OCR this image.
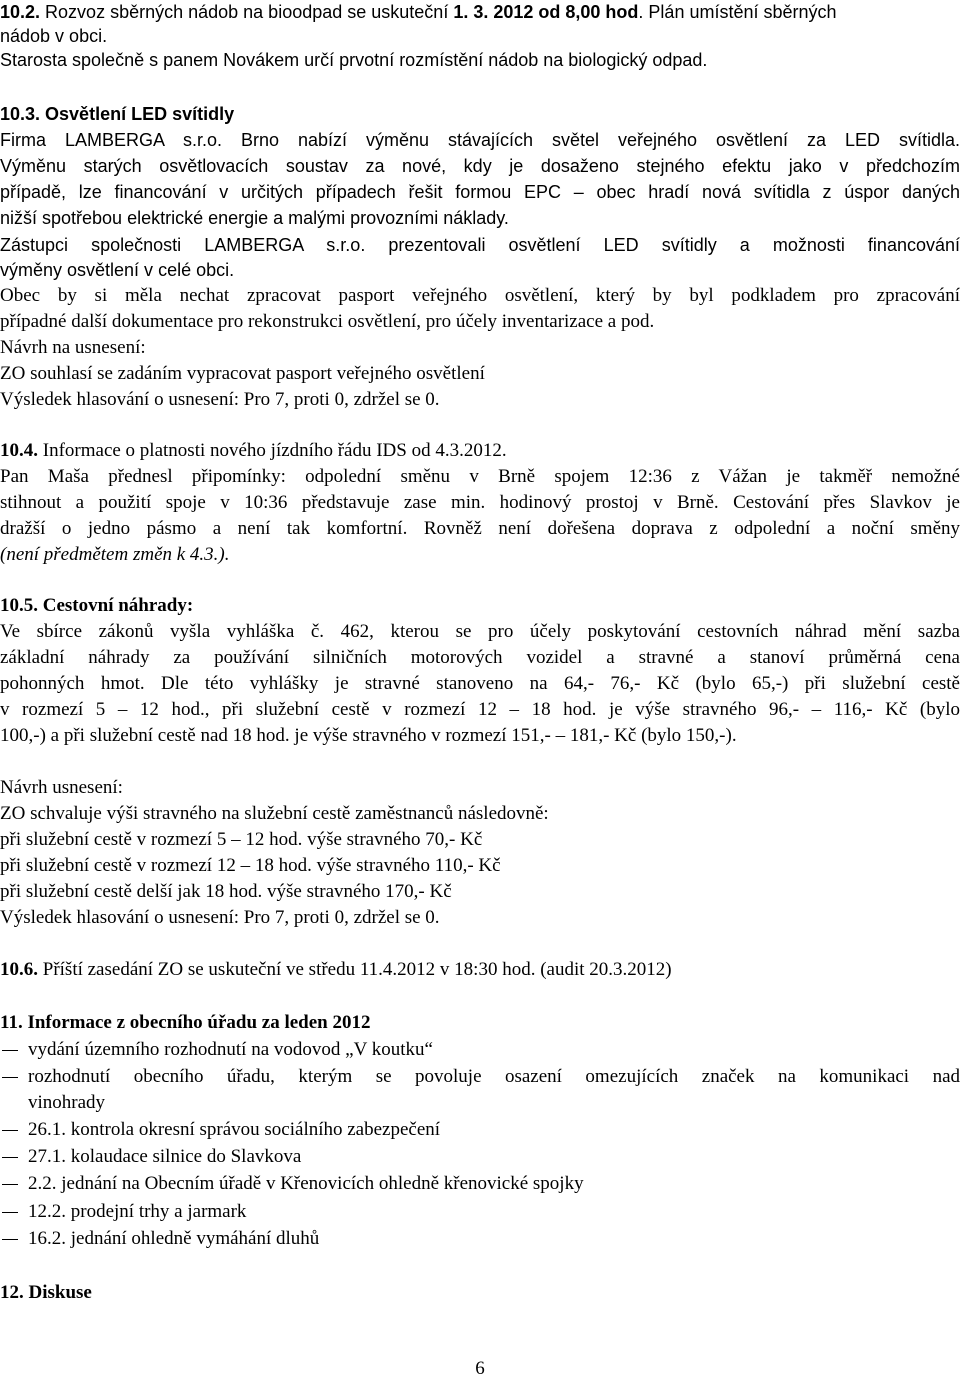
10.2. Rozvoz sběrných nádob na bioodpad se uskuteční 1. 3. 2012 od 8,00 hod. Plán umístění sběrných

nádob v obci.

Starosta společně s panem Novákem určí prvotní rozmístění nádob na biologický odpad.

10.3. Osvětlení LED svítidly

Firma LAMBERGA s.r.o. Brno nabízí výměnu stávajících světel veřejného osvětlení za LED svítidla.

Výměnu starých osvětlovacích soustav za nové, kdy je dosaženo stejného efektu jako v předchozím

případě, lze financování v určitých případech řešit formou EPC – obec hradí nová svítidla z úspor daných

nižší spotřebou elektrické energie a malými provozními náklady.

Zástupci společnosti LAMBERGA s.r.o. prezentovali osvětlení LED svítidly a možnosti financování

výměny osvětlení v celé obci.

Obec by si měla nechat zpracovat pasport veřejného osvětlení, který by byl podkladem pro zpracování

případné další dokumentace pro rekonstrukci osvětlení, pro účely inventarizace a pod.

Návrh na usnesení:

ZO souhlasí se zadáním vypracovat pasport veřejného osvětlení

Výsledek hlasování o usnesení: Pro 7, proti 0, zdržel se 0.

10.4. Informace o platnosti nového jízdního řádu IDS od 4.3.2012.

Pan Maša přednesl připomínky: odpolední směnu v Brně spojem 12:36 z Vážan je takměř nemožné

stihnout a použití spoje v 10:36 představuje zase min. hodinový prostoj v Brně. Cestování přes Slavkov je

dražší o jedno pásmo a není tak komfortní. Rovněž není dořešena doprava z odpolední a noční směny

(není předmětem změn k 4.3.).

10.5. Cestovní náhrady:

Ve sbírce zákonů vyšla vyhláška č. 462, kterou se pro účely poskytování cestovních náhrad mění sazba

základní náhrady za používání silničních motorových vozidel a stravné a stanoví průměrná cena

pohonných hmot. Dle této vyhlášky je stravné stanoveno na 64,- 76,- Kč (bylo 65,-) při služební cestě

v rozmezí 5 – 12 hod., při služební cestě v rozmezí 12 – 18 hod. je výše stravného 96,- – 116,- Kč (bylo

100,-) a při služební cestě nad 18 hod. je výše stravného v rozmezí 151,- – 181,- Kč (bylo 150,-).

Návrh usnesení:

ZO schvaluje výši stravného na služební cestě zaměstnanců následovně:

při služební cestě v rozmezí 5 – 12 hod. výše stravného 70,- Kč

při služební cestě v rozmezí 12 – 18 hod. výše stravného 110,- Kč

při služební cestě delší jak 18 hod. výše stravného 170,- Kč

Výsledek hlasování o usnesení: Pro 7, proti 0, zdržel se 0.

10.6. Příští zasedání ZO se uskuteční ve středu 11.4.2012 v 18:30 hod. (audit 20.3.2012)

11. Informace z obecního úřadu za leden 2012

vydání územního rozhodnutí na vodovod „V koutku“

rozhodnutí obecního úřadu, kterým se povoluje osazení omezujících značek na komunikaci nad

vinohrady

26.1. kontrola okresní správou sociálního zabezpečení

27.1. kolaudace silnice do Slavkova

2.2. jednání na Obecním úřadě v Křenovicích ohledně křenovické spojky

12.2. prodejní trhy a jarmark

16.2. jednání ohledně vymáhání dluhů

12. Diskuse

6
